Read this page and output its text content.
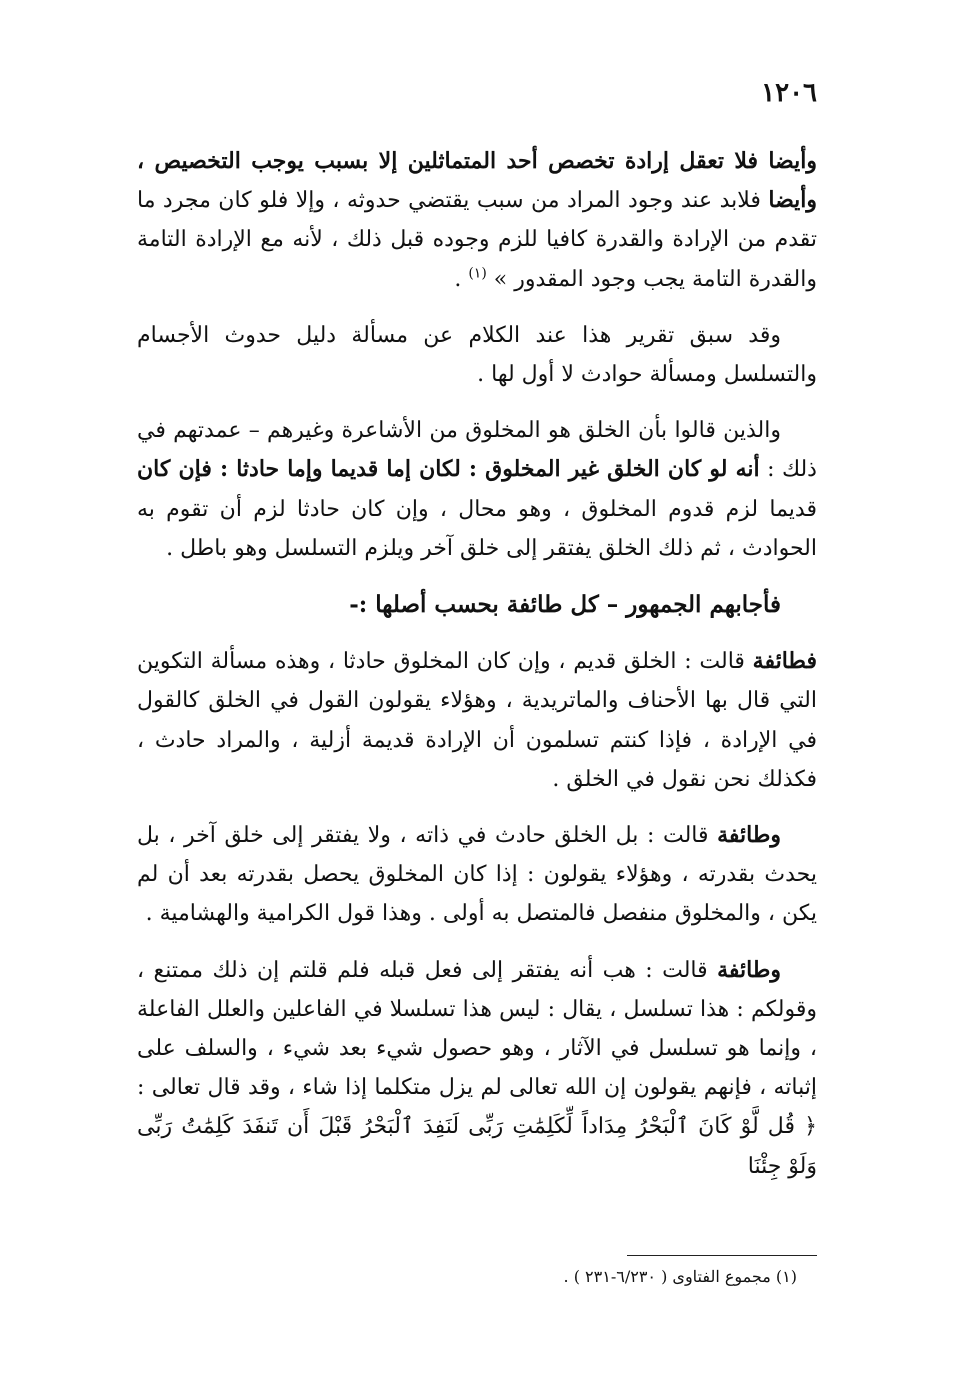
١٢٠٦

وأيضا فلا تعقل إرادة تخصص أحد المتماثلين إلا بسبب يوجب التخصيص ، وأيضا فلابد عند وجود المراد من سبب يقتضي حدوثه ، وإلا فلو كان مجرد ما تقدم من الإرادة والقدرة كافيا للزم وجوده قبل ذلك ، لأنه مع الإرادة التامة والقدرة التامة يجب وجود المقدور » $^{(١)}$ .

وقد سبق تقرير هذا عند الكلام عن مسألة دليل حدوث الأجسام والتسلسل ومسألة حوادث لا أول لها .

والذين قالوا بأن الخلق هو المخلوق من الأشاعرة وغيرهم – عمدتهم في ذلك : أنه لو كان الخلق غير المخلوق : لكان إما قديما وإما حادثا : فإن كان قديما لزم قدوم المخلوق ، وهو محال ، وإن كان حادثا لزم أن تقوم به الحوادث ، ثم ذلك الخلق يفتقر إلى خلق آخر ويلزم التسلسل وهو باطل .

فأجابهم الجمهور – كل طائفة بحسب أصلها :-

فطائفة قالت : الخلق قديم ، وإن كان المخلوق حادثا ، وهذه مسألة التكوين التي قال بها الأحناف والماتريدية ، وهؤلاء يقولون القول في الخلق كالقول في الإرادة ، فإذا كنتم تسلمون أن الإرادة قديمة أزلية ، والمراد حادث ، فكذلك نحن نقول في الخلق .

وطائفة قالت : بل الخلق حادث في ذاته ، ولا يفتقر إلى خلق آخر ، بل يحدث بقدرته ، وهؤلاء يقولون : إذا كان المخلوق يحصل بقدرته بعد أن لم يكن ، والمخلوق منفصل فالمتصل به أولى . وهذا قول الكرامية والهشامية .

وطائفة قالت : هب أنه يفتقر إلى فعل قبله فلم قلتم إن ذلك ممتنع ، وقولكم : هذا تسلسل ، يقال : ليس هذا تسلسلا في الفاعلين والعلل الفاعلة ، وإنما هو تسلسل في الآثار ، وهو حصول شيء بعد شيء ، والسلف على إثباته ، فإنهم يقولون إن الله تعالى لم يزل متكلما إذا شاء ، وقد قال تعالى : ﴿ قُل لَّوْ كَانَ ٱلْبَحْرُ مِدَاداً لِّكَلِمَٰتِ رَبِّى لَنَفِدَ ٱلْبَحْرُ قَبْلَ أَن تَنفَدَ كَلِمَٰتُ رَبِّى وَلَوْ جِئْنَا

(١) مجموع الفتاوى ( ٦/٢٣٠-٢٣١ ) .
